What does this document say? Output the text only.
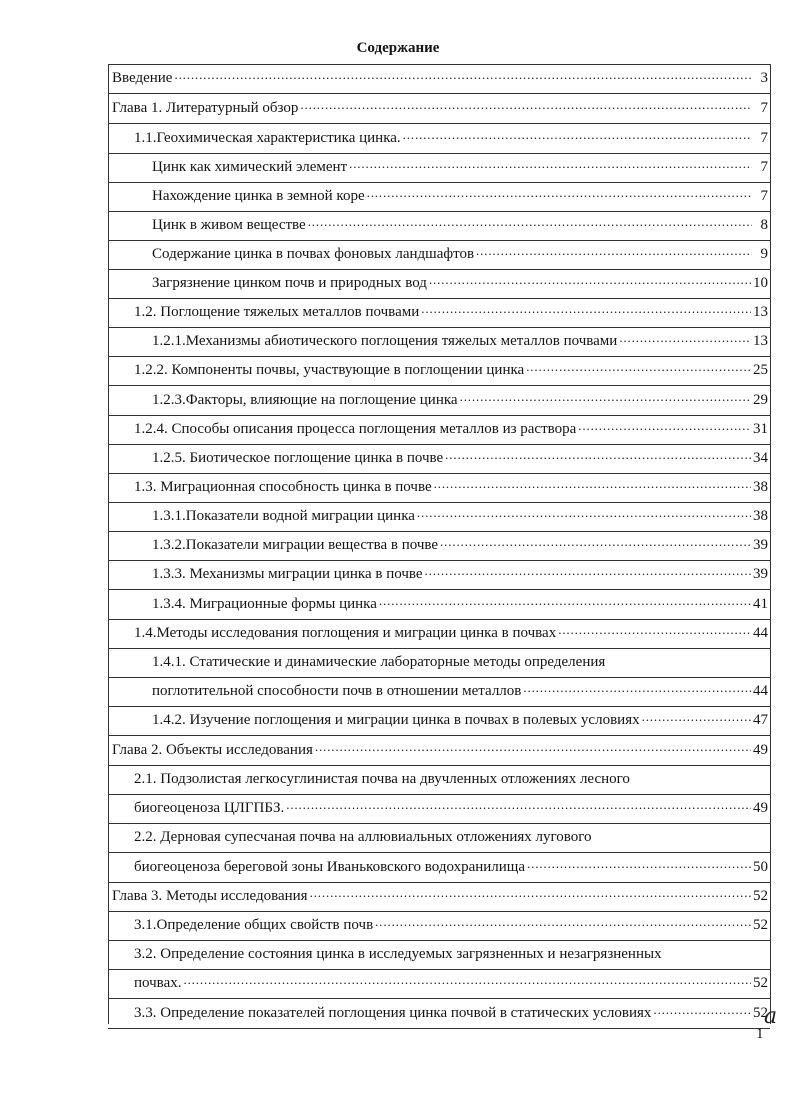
Содержание
Введение . . .	3
Глава 1. Литературный обзор . . .	7
1.1.Геохимическая характеристика цинка. . . .	7
Цинк как химический элемент . . .	7
Нахождение цинка в земной коре . . .	7
Цинк в живом веществе . . .	8
Содержание цинка в почвах фоновых ландшафтов . . .	9
Загрязнение цинком почв и природных вод . . .	10
1.2. Поглощение тяжелых металлов почвами . . .	13
1.2.1.Механизмы абиотического поглощения тяжелых металлов почвами . . .	13
1.2.2. Компоненты почвы, участвующие в поглощении цинка . . .	25
1.2.3.Факторы, влияющие на поглощение цинка . . .	29
1.2.4. Способы описания процесса поглощения металлов из раствора . . .	31
1.2.5. Биотическое поглощение цинка в почве . . .	34
1.3. Миграционная способность цинка в почве . . .	38
1.3.1.Показатели водной миграции цинка . . .	38
1.3.2.Показатели миграции вещества в почве . . .	39
1.3.3. Механизмы миграции цинка в почве . . .	39
1.3.4. Миграционные формы цинка . . .	41
1.4.Методы исследования поглощения и миграции цинка в почвах . . .	44
1.4.1. Статические и динамические лабораторные методы определения
поглотительной способности почв в отношении металлов . . .	44
1.4.2. Изучение поглощения и миграции цинка в почвах в полевых условиях . . .	47
Глава 2. Объекты исследования . . .	49
2.1. Подзолистая легкосуглинистая почва на двучленных отложениях лесного
биогеоценоза ЦЛГПБЗ. . . .	49
2.2. Дерновая супесчаная почва на аллювиальных отложениях лугового
биогеоценоза береговой зоны Иваньковского водохранилища . . .	50
Глава 3. Методы исследования . . .	52
3.1.Определение общих свойств почв . . .	52
3.2. Определение состояния цинка в исследуемых загрязненных и незагрязненных
почвах. . . .	52
3.3. Определение показателей поглощения цинка почвой в статических условиях . . .	52
a
1
